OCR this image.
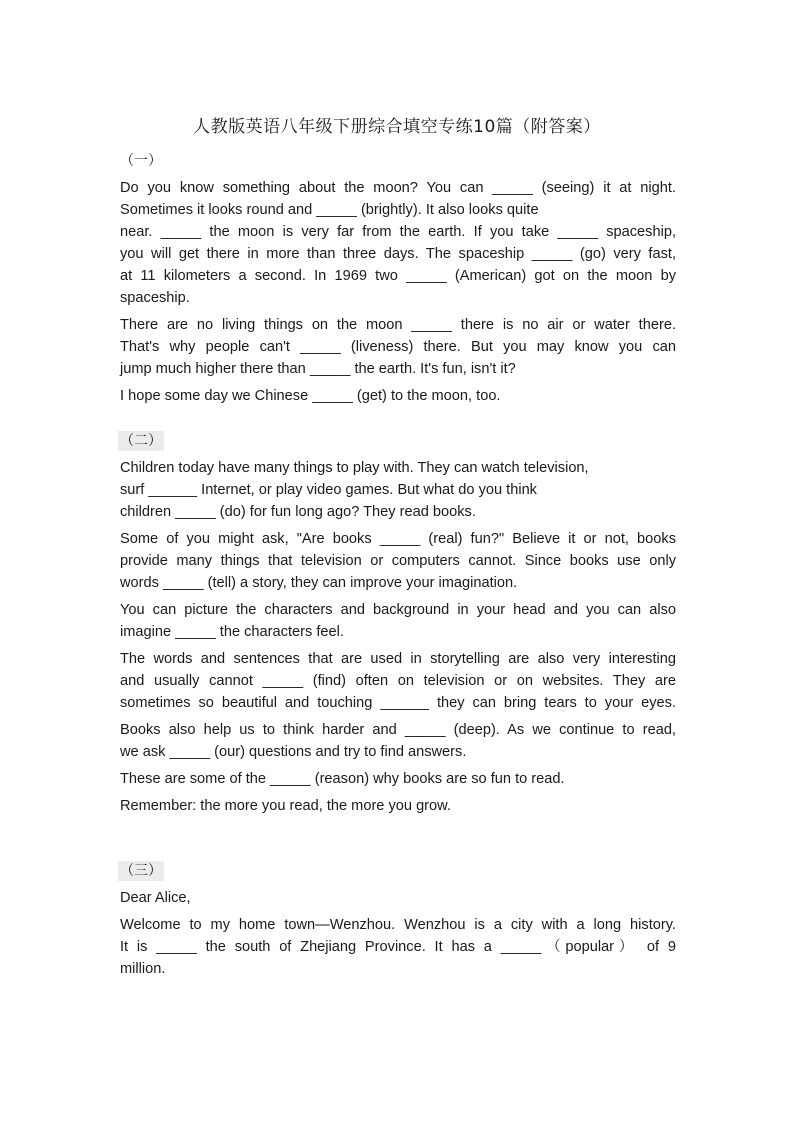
人教版英语八年级下册综合填空专练10篇（附答案）
（一）
Do you know something about the moon? You can _____ (seeing) it at night.
Sometimes it looks round and _____ (brightly). It also looks quite
near. _____ the moon is very far from the earth. If you take _____ spaceship,
you will get there in more than three days. The spaceship _____ (go) very fast,
at 11 kilometers a second. In 1969 two _____ (American) got on the moon by
spaceship.
There are no living things on the moon _____ there is no air or water there.
That's why people can't _____ (liveness) there. But you may know you can
jump much higher there than _____ the earth. It's fun, isn't it?
I hope some day we Chinese _____ (get) to the moon, too.
（二）
Children today have many things to play with. They can watch television,
surf ______ Internet, or play video games. But what do you think
children _____ (do) for fun long ago? They read books.
Some of you might ask, "Are books _____ (real) fun?" Believe it or not, books
provide many things that television or computers cannot. Since books use only
words _____ (tell) a story, they can improve your imagination.
You can picture the characters and background in your head and you can also
imagine _____ the characters feel.
The words and sentences that are used in storytelling are also very interesting
and usually cannot _____ (find) often on television or on websites. They are
sometimes so beautiful and touching ______ they can bring tears to your eyes.
Books also help us to think harder and _____ (deep). As we continue to read,
we ask _____ (our) questions and try to find answers.
These are some of the _____ (reason) why books are so fun to read.
Remember: the more you read, the more you grow.
（三）
Dear Alice,
Welcome to my home town—Wenzhou. Wenzhou is a city with a long history.
It is _____ the south of Zhejiang Province. It has a _____（popular） of 9
million.
